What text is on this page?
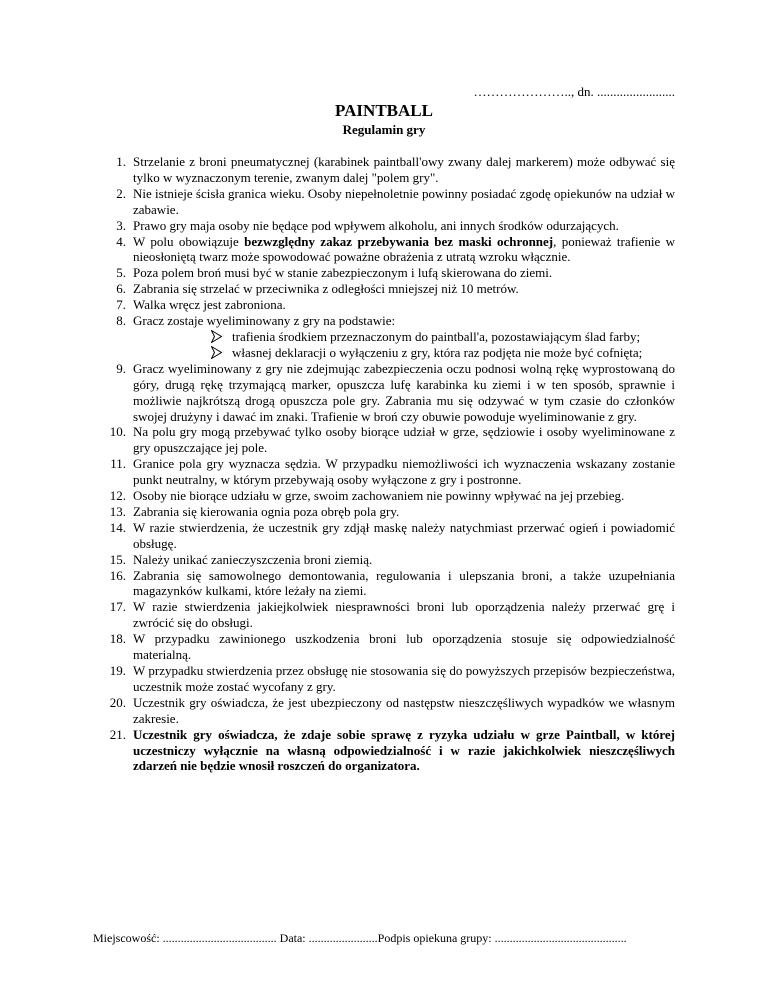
………………….., dn. ........................
PAINTBALL
Regulamin gry
1. Strzelanie z broni pneumatycznej (karabinek paintball'owy zwany dalej markerem) może odbywać się tylko w wyznaczonym terenie, zwanym dalej "polem gry".
2. Nie istnieje ścisła granica wieku. Osoby niepełnoletnie powinny posiadać zgodę opiekunów na udział w zabawie.
3. Prawo gry maja osoby nie będące pod wpływem alkoholu, ani innych środków odurzających.
4. W polu obowiązuje bezwzględny zakaz przebywania bez maski ochronnej, ponieważ trafienie w nieosłoniętą twarz może spowodować poważne obrażenia z utratą wzroku włącznie.
5. Poza polem broń musi być w stanie zabezpieczonym i lufą skierowana do ziemi.
6. Zabrania się strzelać w przeciwnika z odległości mniejszej niż 10 metrów.
7. Walka wręcz jest zabroniona.
8. Gracz zostaje wyeliminowany z gry na podstawie:
trafienia środkiem przeznaczonym do paintball'a, pozostawiającym ślad farby;
własnej deklaracji o wyłączeniu z gry, która raz podjęta nie może być cofnięta;
9. Gracz wyeliminowany z gry nie zdejmując zabezpieczenia oczu podnosi wolną rękę wyprostowaną do góry, drugą rękę trzymającą marker, opuszcza lufę karabinka ku ziemi i w ten sposób, sprawnie i możliwie najkrótszą drogą opuszcza pole gry. Zabrania mu się odzywać w tym czasie do członków swojej drużyny i dawać im znaki. Trafienie w broń czy obuwie powoduje wyeliminowanie z gry.
10. Na polu gry mogą przebywać tylko osoby biorące udział w grze, sędziowie i osoby wyeliminowane z gry opuszczające jej pole.
11. Granice pola gry wyznacza sędzia. W przypadku niemożliwości ich wyznaczenia wskazany zostanie punkt neutralny, w którym przebywają osoby wyłączone z gry i postronne.
12. Osoby nie biorące udziału w grze, swoim zachowaniem nie powinny wpływać na jej przebieg.
13. Zabrania się kierowania ognia poza obręb pola gry.
14. W razie stwierdzenia, że uczestnik gry zdjął maskę należy natychmiast przerwać ogień i powiadomić obsługę.
15. Należy unikać zanieczyszczenia broni ziemią.
16. Zabrania się samowolnego demontowania, regulowania i ulepszania broni, a także uzupełniania magazynków kulkami, które leżały na ziemi.
17. W razie stwierdzenia jakiejkolwiek niesprawności broni lub oporządzenia należy przerwać grę i zwrócić się do obsługi.
18. W przypadku zawinionego uszkodzenia broni lub oporządzenia stosuje się odpowiedzialność materialną.
19. W przypadku stwierdzenia przez obsługę nie stosowania się do powyższych przepisów bezpieczeństwa, uczestnik może zostać wycofany z gry.
20. Uczestnik gry oświadcza, że jest ubezpieczony od następstw nieszczęśliwych wypadków we własnym zakresie.
21. Uczestnik gry oświadcza, że zdaje sobie sprawę z ryzyka udziału w grze Paintball, w której uczestniczy wyłącznie na własną odpowiedzialność i w razie jakichkolwiek nieszczęśliwych zdarzeń nie będzie wnosił roszczeń do organizatora.
Miejscowość: ...................................... Data: .......................Podpis opiekuna grupy: ............................................
